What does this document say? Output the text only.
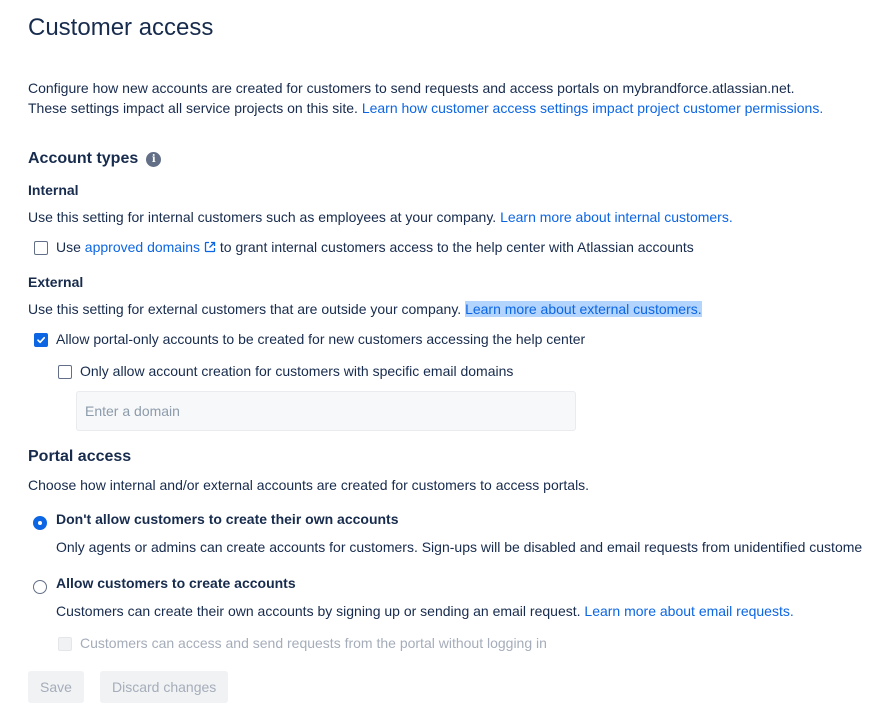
Customer access
Configure how new accounts are created for customers to send requests and access portals on mybrandforce.atlassian.net.
These settings impact all service projects on this site. Learn how customer access settings impact project customer permissions.
Account types i
Internal
Use this setting for internal customers such as employees at your company. Learn more about internal customers.
Use approved domains to grant internal customers access to the help center with Atlassian accounts
External
Use this setting for external customers that are outside your company. Learn more about external customers.
Allow portal-only accounts to be created for new customers accessing the help center
Only allow account creation for customers with specific email domains
Enter a domain
Portal access
Choose how internal and/or external accounts are created for customers to access portals.
Don't allow customers to create their own accounts
Only agents or admins can create accounts for customers. Sign-ups will be disabled and email requests from unidentified custome
Allow customers to create accounts
Customers can create their own accounts by signing up or sending an email request. Learn more about email requests.
Customers can access and send requests from the portal without logging in
Save	Discard changes
